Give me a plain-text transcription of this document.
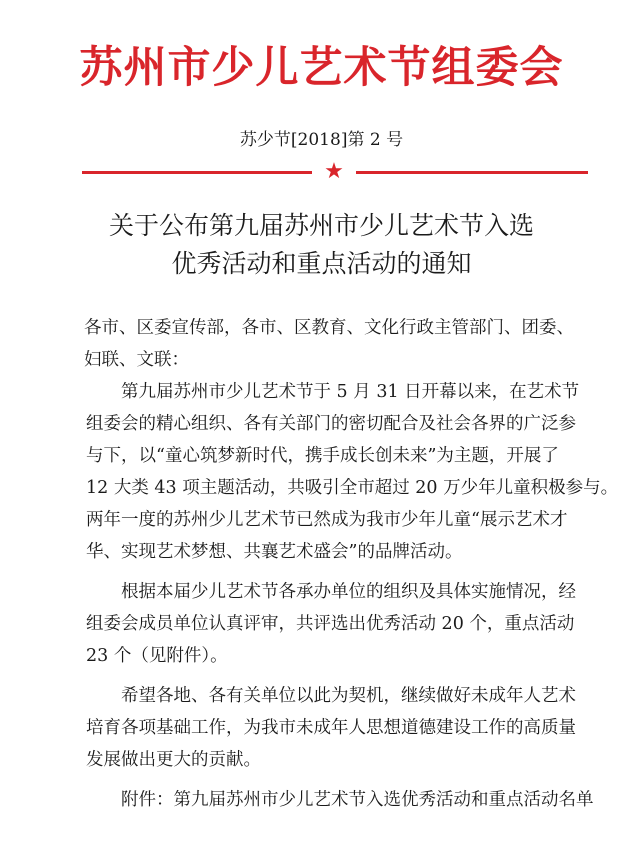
苏州市少儿艺术节组委会
苏少节[2018]第 2 号
★
关于公布第九届苏州市少儿艺术节入选
优秀活动和重点活动的通知
各市、区委宣传部，各市、区教育、文化行政主管部门、团委、
妇联、文联：
第九届苏州市少儿艺术节于 5 月 31 日开幕以来，在艺术节
组委会的精心组织、各有关部门的密切配合及社会各界的广泛参
与下，以“童心筑梦新时代，携手成长创未来”为主题，开展了
12 大类 43 项主题活动，共吸引全市超过 20 万少年儿童积极参与。
两年一度的苏州少儿艺术节已然成为我市少年儿童“展示艺术才
华、实现艺术梦想、共襄艺术盛会”的品牌活动。
根据本届少儿艺术节各承办单位的组织及具体实施情况，经
组委会成员单位认真评审，共评选出优秀活动 20 个，重点活动
23 个（见附件）。
希望各地、各有关单位以此为契机，继续做好未成年人艺术
培育各项基础工作，为我市未成年人思想道德建设工作的高质量
发展做出更大的贡献。
附件：第九届苏州市少儿艺术节入选优秀活动和重点活动名单
